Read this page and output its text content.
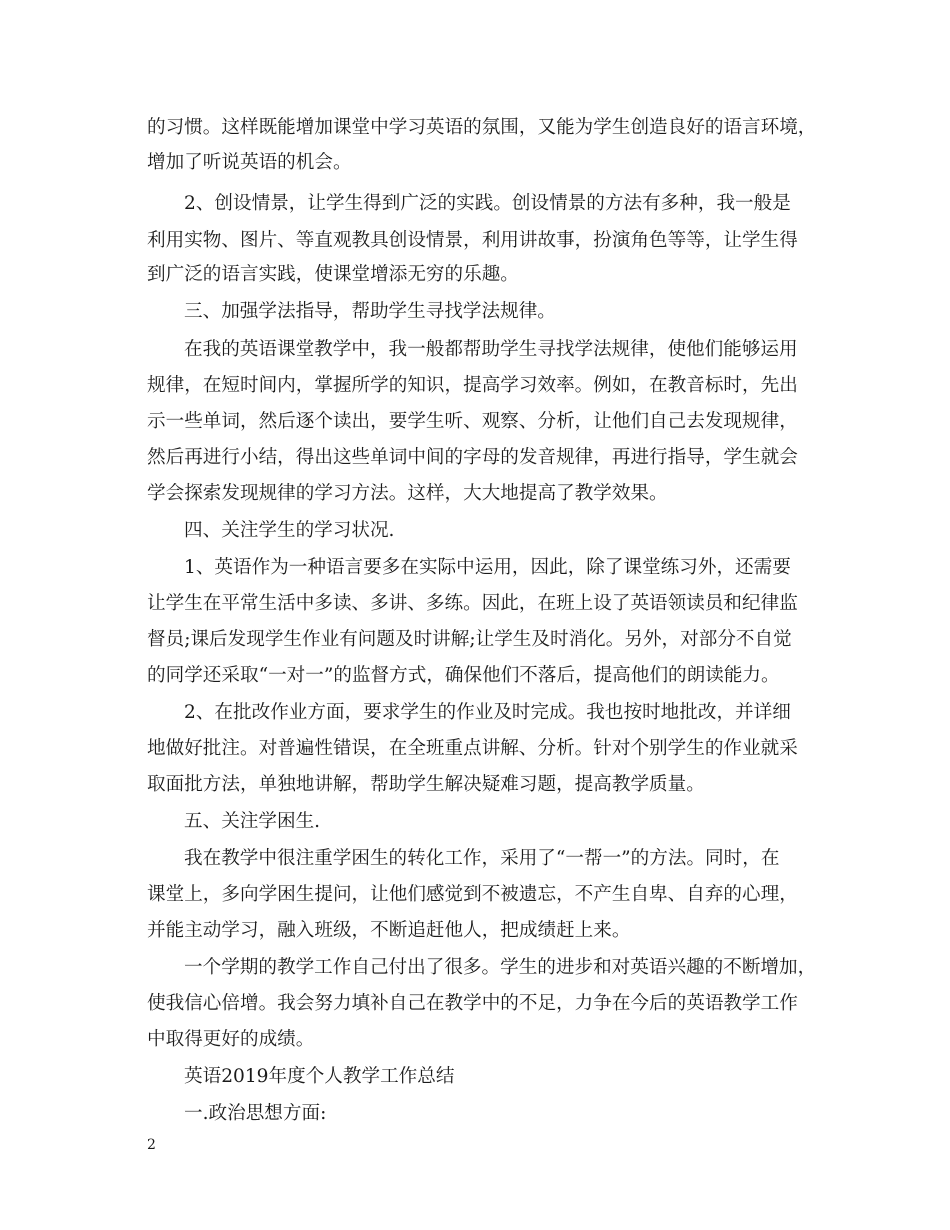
的习惯。这样既能增加课堂中学习英语的氛围，又能为学生创造良好的语言环境，
增加了听说英语的机会。
2、创设情景，让学生得到广泛的实践。创设情景的方法有多种，我一般是
利用实物、图片、等直观教具创设情景，利用讲故事，扮演角色等等，让学生得
到广泛的语言实践，使课堂增添无穷的乐趣。
三、加强学法指导，帮助学生寻找学法规律。
在我的英语课堂教学中，我一般都帮助学生寻找学法规律，使他们能够运用
规律，在短时间内，掌握所学的知识，提高学习效率。例如，在教音标时，先出
示一些单词，然后逐个读出，要学生听、观察、分析，让他们自己去发现规律，
然后再进行小结，得出这些单词中间的字母的发音规律，再进行指导，学生就会
学会探索发现规律的学习方法。这样，大大地提高了教学效果。
四、关注学生的学习状况.
1、英语作为一种语言要多在实际中运用，因此，除了课堂练习外，还需要
让学生在平常生活中多读、多讲、多练。因此，在班上设了英语领读员和纪律监
督员;课后发现学生作业有问题及时讲解;让学生及时消化。另外，对部分不自觉
的同学还采取“一对一”的监督方式，确保他们不落后，提高他们的朗读能力。
2、在批改作业方面，要求学生的作业及时完成。我也按时地批改，并详细
地做好批注。对普遍性错误，在全班重点讲解、分析。针对个别学生的作业就采
取面批方法，单独地讲解，帮助学生解决疑难习题，提高教学质量。
五、关注学困生.
我在教学中很注重学困生的转化工作，采用了“一帮一”的方法。同时，在
课堂上，多向学困生提问，让他们感觉到不被遗忘，不产生自卑、自弃的心理，
并能主动学习，融入班级，不断追赶他人，把成绩赶上来。
一个学期的教学工作自己付出了很多。学生的进步和对英语兴趣的不断增加，
使我信心倍增。我会努力填补自己在教学中的不足，力争在今后的英语教学工作
中取得更好的成绩。
英语2019年度个人教学工作总结
一.政治思想方面:
2
